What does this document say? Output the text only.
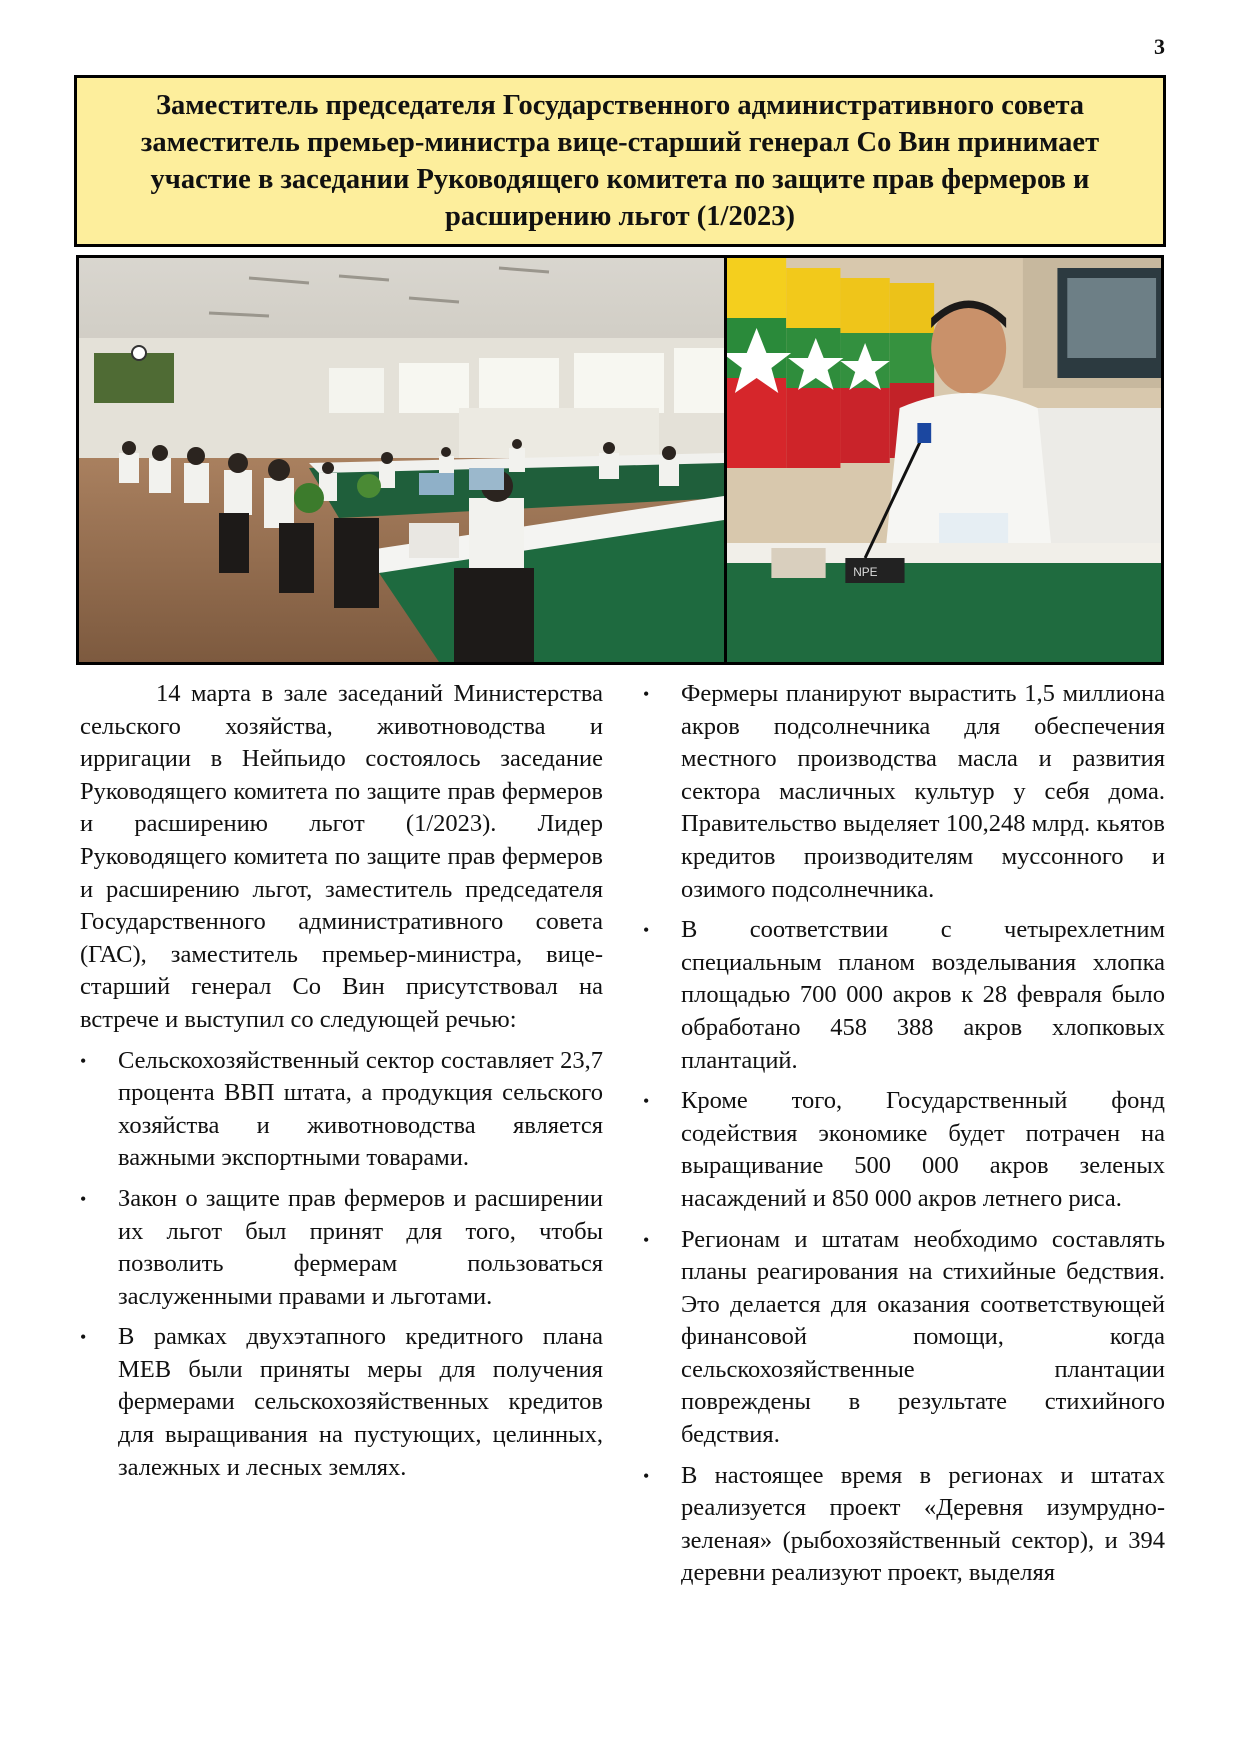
3
Заместитель председателя Государственного административного совета заместитель премьер-министра вице-старший генерал Со Вин принимает участие в заседании Руководящего комитета по защите прав фермеров и расширению льгот (1/2023)
NPE

14 марта в зале заседаний Министерства сельского хозяйства, животноводства и ирригации в Нейпьидо состоялось заседание Руководящего комитета по защите прав фермеров и расширению льгот (1/2023). Лидер Руководящего комитета по защите прав фермеров и расширению льгот, заместитель председателя Государственного административного совета (ГАС), заместитель премьер-министра, вице-старший генерал Со Вин присутствовал на встрече и выступил со следующей речью:

• Сельскохозяйственный сектор составляет 23,7 процента ВВП штата, а продукция сельского хозяйства и животноводства является важными экспортными товарами.
• Закон о защите прав фермеров и расширении их льгот был принят для того, чтобы позволить фермерам пользоваться заслуженными правами и льготами.
• В рамках двухэтапного кредитного плана МЕВ были приняты меры для получения фермерами сельскохозяйственных кредитов для выращивания на пустующих, целинных, залежных и лесных землях.
• Фермеры планируют вырастить 1,5 миллиона акров подсолнечника для обеспечения местного производства масла и развития сектора масличных культур у себя дома. Правительство выделяет 100,248 млрд. кьятов кредитов производителям муссонного и озимого подсолнечника.
• В соответствии с четырехлетним специальным планом возделывания хлопка площадью 700 000 акров к 28 февраля было обработано 458 388 акров хлопковых плантаций.
• Кроме того, Государственный фонд содействия экономике будет потрачен на выращивание 500 000 акров зеленых насаждений и 850 000 акров летнего риса.
• Регионам и штатам необходимо составлять планы реагирования на стихийные бедствия. Это делается для оказания соответствующей финансовой помощи, когда сельскохозяйственные плантации повреждены в результате стихийного бедствия.
• В настоящее время в регионах и штатах реализуется проект «Деревня изумрудно-зеленая» (рыбохозяйственный сектор), и 394 деревни реализуют проект, выделяя
